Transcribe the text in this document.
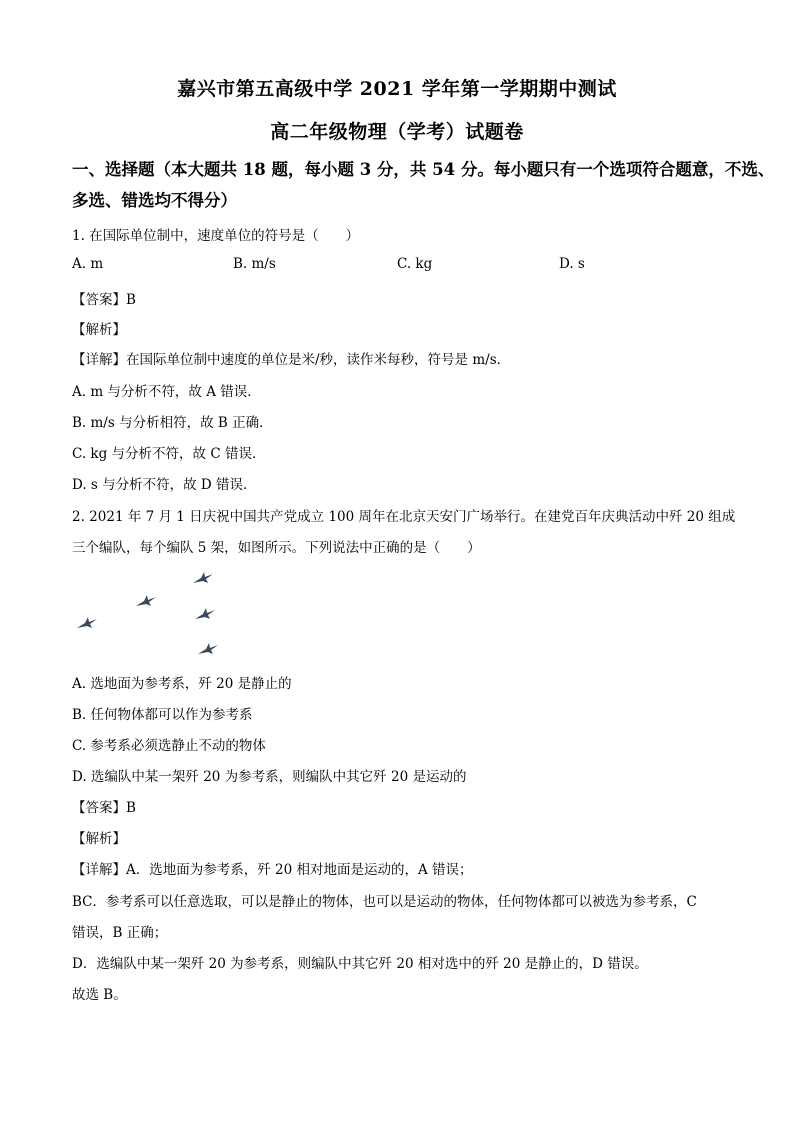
嘉兴市第五高级中学 2021 学年第一学期期中测试
高二年级物理（学考）试题卷
一、选择题（本大题共 18 题，每小题 3 分，共 54 分。每小题只有一个选项符合题意，不选、
多选、错选均不得分）
1. 在国际单位制中，速度单位的符号是（　　）
A. m	B. m/s	C. kg	D. s
【答案】B
【解析】
【详解】在国际单位制中速度的单位是米/秒，读作米每秒，符号是 m/s．
A. m 与分析不符，故 A 错误．
B. m/s 与分析相符，故 B 正确．
C. kg 与分析不符，故 C 错误．
D. s 与分析不符，故 D 错误．
2. 2021 年 7 月 1 日庆祝中国共产党成立 100 周年在北京天安门广场举行。在建党百年庆典活动中歼 20 组成
三个编队，每个编队 5 架，如图所示。下列说法中正确的是（　　）
A. 选地面为参考系，歼 20 是静止的
B. 任何物体都可以作为参考系
C. 参考系必须选静止不动的物体
D. 选编队中某一架歼 20 为参考系，则编队中其它歼 20 是运动的
【答案】B
【解析】
【详解】A．选地面为参考系，歼 20 相对地面是运动的，A 错误；
BC．参考系可以任意选取，可以是静止的物体，也可以是运动的物体，任何物体都可以被选为参考系，C
错误，B 正确；
D．选编队中某一架歼 20 为参考系，则编队中其它歼 20 相对选中的歼 20 是静止的，D 错误。
故选 B。
